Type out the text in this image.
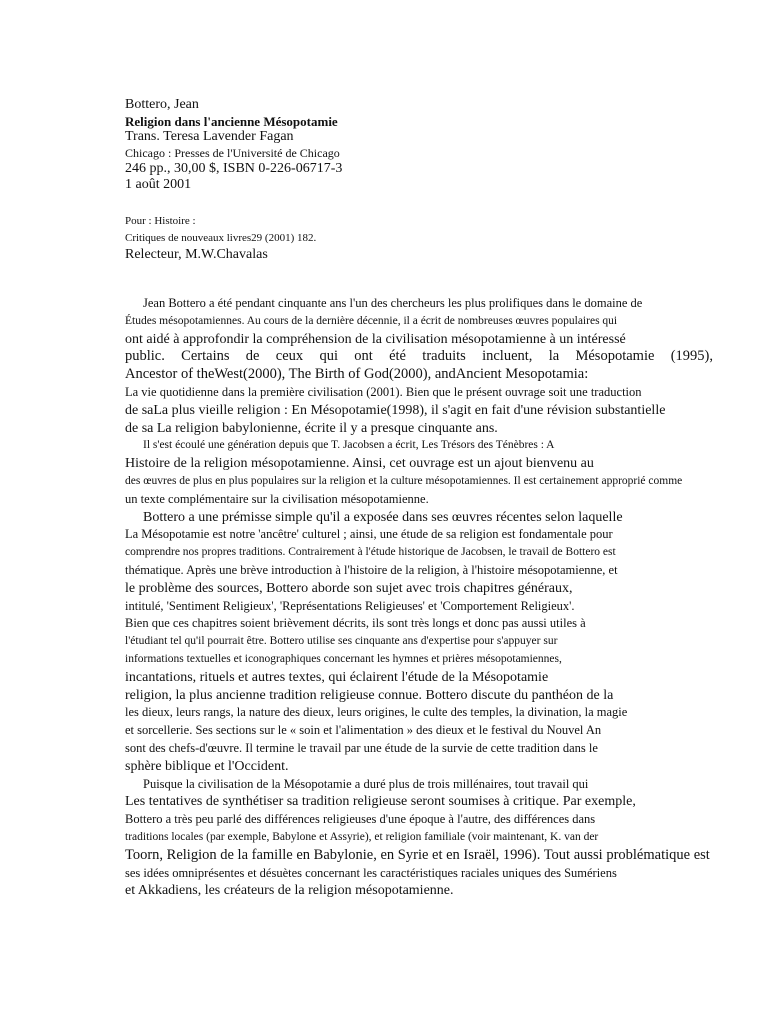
Bottero, Jean
Religion dans l'ancienne Mésopotamie
Trans. Teresa Lavender Fagan
Chicago : Presses de l'Université de Chicago
246 pp., 30,00 $, ISBN 0-226-06717-3
1 août 2001
Pour : Histoire :
Critiques de nouveaux livres29 (2001) 182.
Relecteur, M.W.Chavalas
Jean Bottero a été pendant cinquante ans l'un des chercheurs les plus prolifiques dans le domaine de
Études mésopotamiennes. Au cours de la dernière décennie, il a écrit de nombreuses œuvres populaires qui
ont aidé à approfondir la compréhension de la civilisation mésopotamienne à un intéressé
public. Certains de ceux qui ont été traduits incluent, la Mésopotamie (1995),
Ancestor of theWest(2000), The Birth of God(2000), andAncient Mesopotamia:
La vie quotidienne dans la première civilisation (2001). Bien que le présent ouvrage soit une traduction
de saLa plus vieille religion : En Mésopotamie(1998), il s'agit en fait d'une révision substantielle
de sa La religion babylonienne, écrite il y a presque cinquante ans.
Il s'est écoulé une génération depuis que T. Jacobsen a écrit, Les Trésors des Ténèbres : A
Histoire de la religion mésopotamienne. Ainsi, cet ouvrage est un ajout bienvenu au
des œuvres de plus en plus populaires sur la religion et la culture mésopotamiennes. Il est certainement approprié comme
un texte complémentaire sur la civilisation mésopotamienne.
Bottero a une prémisse simple qu'il a exposée dans ses œuvres récentes selon laquelle
La Mésopotamie est notre 'ancêtre' culturel ; ainsi, une étude de sa religion est fondamentale pour
comprendre nos propres traditions. Contrairement à l'étude historique de Jacobsen, le travail de Bottero est
thématique. Après une brève introduction à l'histoire de la religion, à l'histoire mésopotamienne, et
le problème des sources, Bottero aborde son sujet avec trois chapitres généraux,
intitulé, 'Sentiment Religieux', 'Représentations Religieuses' et 'Comportement Religieux'.
Bien que ces chapitres soient brièvement décrits, ils sont très longs et donc pas aussi utiles à
l'étudiant tel qu'il pourrait être. Bottero utilise ses cinquante ans d'expertise pour s'appuyer sur
informations textuelles et iconographiques concernant les hymnes et prières mésopotamiennes,
incantations, rituels et autres textes, qui éclairent l'étude de la Mésopotamie
religion, la plus ancienne tradition religieuse connue. Bottero discute du panthéon de la
les dieux, leurs rangs, la nature des dieux, leurs origines, le culte des temples, la divination, la magie
et sorcellerie. Ses sections sur le « soin et l'alimentation » des dieux et le festival du Nouvel An
sont des chefs-d'œuvre. Il termine le travail par une étude de la survie de cette tradition dans le
sphère biblique et l'Occident.
Puisque la civilisation de la Mésopotamie a duré plus de trois millénaires, tout travail qui
Les tentatives de synthétiser sa tradition religieuse seront soumises à critique. Par exemple,
Bottero a très peu parlé des différences religieuses d'une époque à l'autre, des différences dans
traditions locales (par exemple, Babylone et Assyrie), et religion familiale (voir maintenant, K. van der
Toorn, Religion de la famille en Babylonie, en Syrie et en Israël, 1996). Tout aussi problématique est
ses idées omniprésentes et désuètes concernant les caractéristiques raciales uniques des Sumériens
et Akkadiens, les créateurs de la religion mésopotamienne.
